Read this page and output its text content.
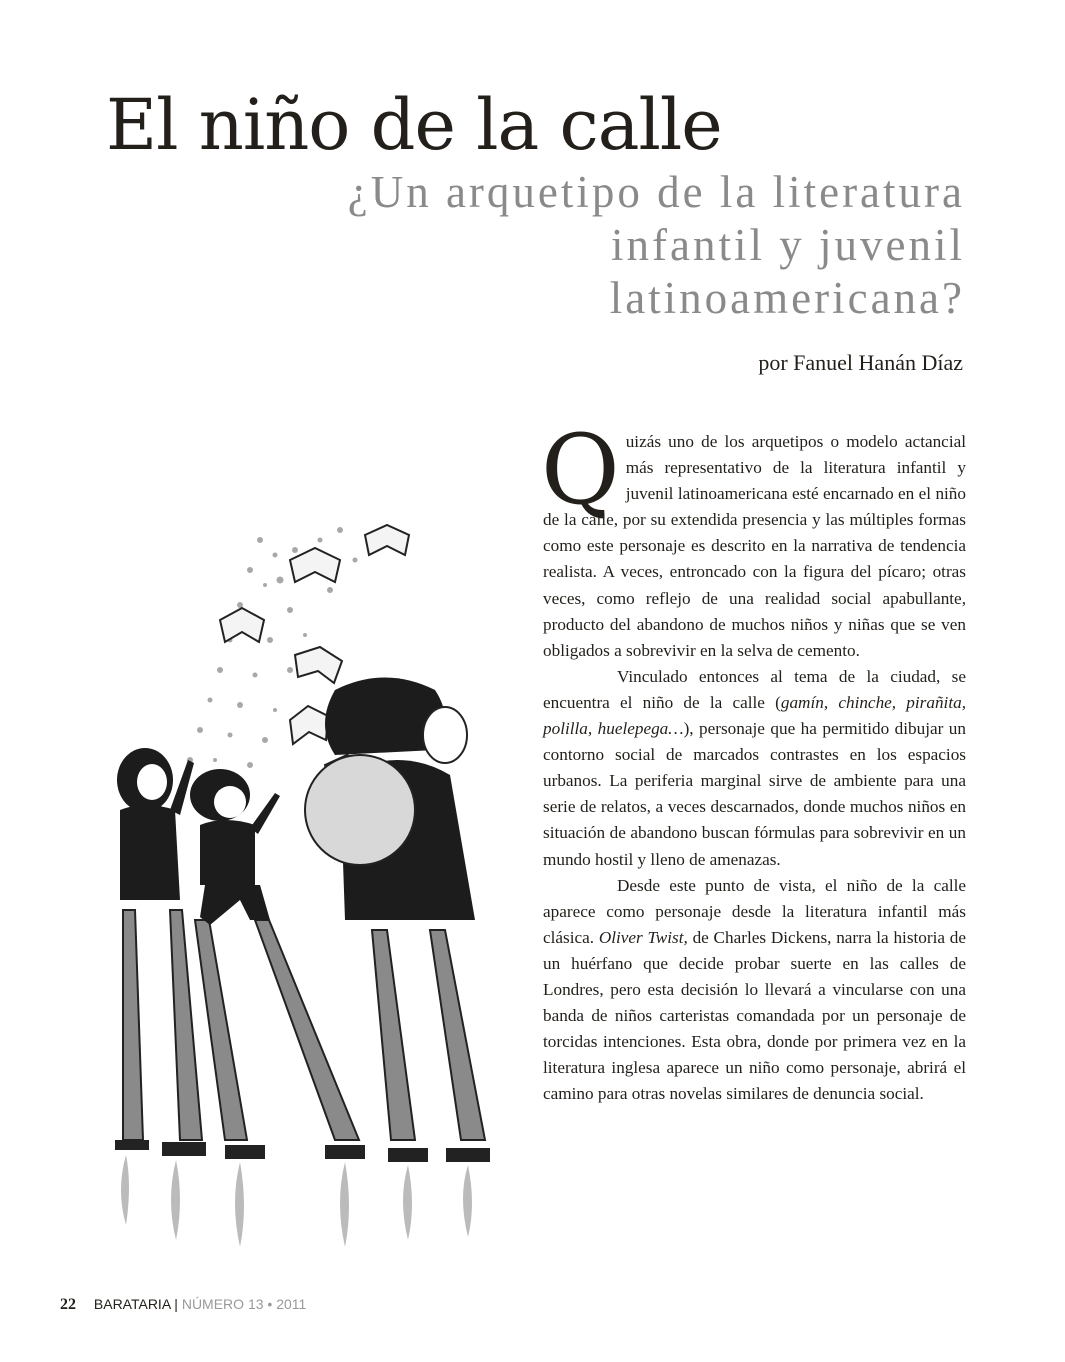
El niño de la calle
¿Un arquetipo de la literatura infantil y juvenil latinoamericana?
por Fanuel Hanán Díaz

Quizás uno de los arquetipos o modelo actancial más representativo de la literatura infantil y juvenil latinoamericana esté encarnado en el niño de la calle, por su extendida presencia y las múltiples formas como este personaje es descrito en la narrativa de tendencia realista. A veces, entroncado con la figura del pícaro; otras veces, como reflejo de una realidad social apabullante, producto del abandono de muchos niños y niñas que se ven obligados a sobrevivir en la selva de cemento.

Vinculado entonces al tema de la ciudad, se encuentra el niño de la calle (gamín, chinche, pirañita, polilla, huelepega…), personaje que ha permitido dibujar un contorno social de marcados contrastes en los espacios urbanos. La periferia marginal sirve de ambiente para una serie de relatos, a veces descarnados, donde muchos niños en situación de abandono buscan fórmulas para sobrevivir en un mundo hostil y lleno de amenazas.

Desde este punto de vista, el niño de la calle aparece como personaje desde la literatura infantil más clásica. Oliver Twist, de Charles Dickens, narra la historia de un huérfano que decide probar suerte en las calles de Londres, pero esta decisión lo llevará a vincularse con una banda de niños carteristas comandada por un personaje de torcidas intenciones. Esta obra, donde por primera vez en la literatura inglesa aparece un niño como personaje, abrirá el camino para otras novelas similares de denuncia social.

22 BARATARIA | NÚMERO 13 • 2011
